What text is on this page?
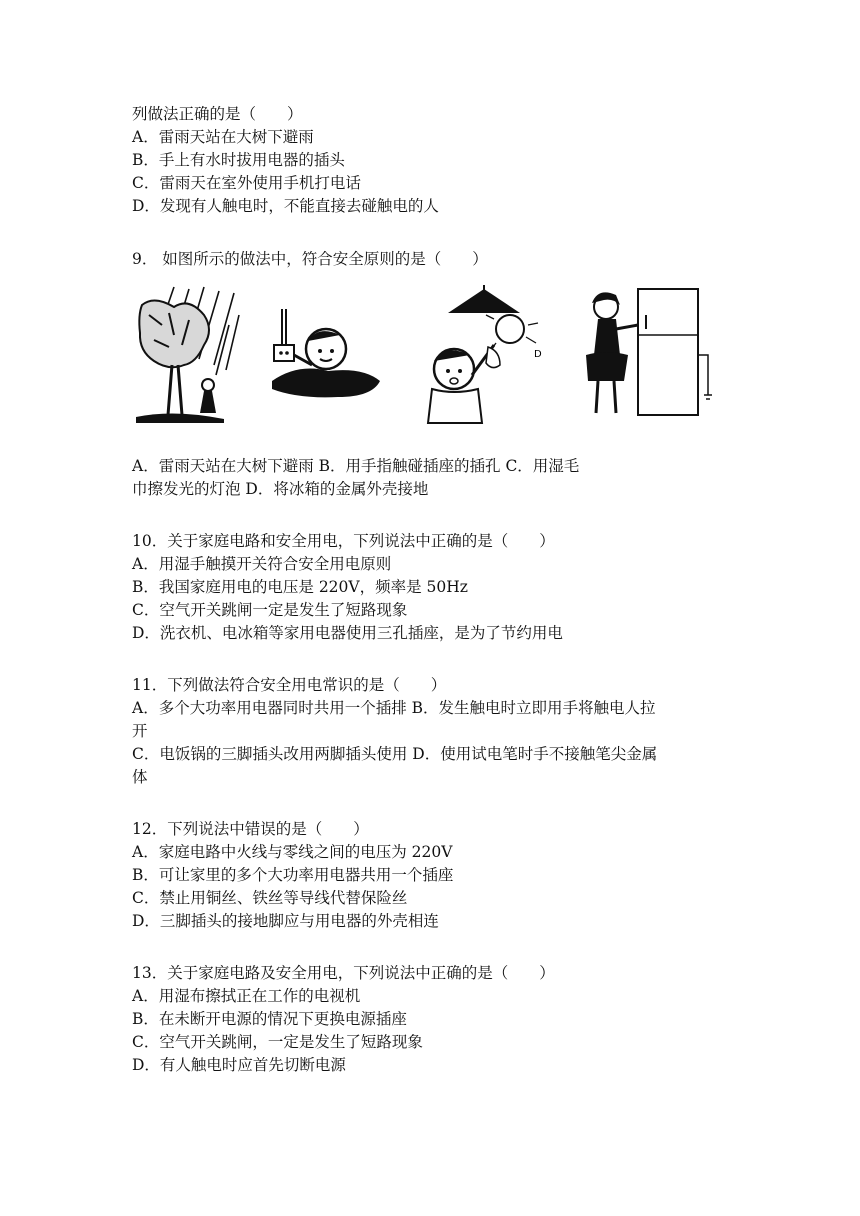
列做法正确的是（　　）
A．雷雨天站在大树下避雨
B．手上有水时拔用电器的插头
C．雷雨天在室外使用手机打电话
D．发现有人触电时，不能直接去碰触电的人
9． 如图所示的做法中，符合安全原则的是（　　）
D
A．雷雨天站在大树下避雨 B．用手指触碰插座的插孔 C．用湿毛
巾擦发光的灯泡 D．将冰箱的金属外壳接地
10．关于家庭电路和安全用电，下列说法中正确的是（　　）
A．用湿手触摸开关符合安全用电原则
B．我国家庭用电的电压是 220V，频率是 50Hz
C．空气开关跳闸一定是发生了短路现象
D．洗衣机、电冰箱等家用电器使用三孔插座，是为了节约用电
11．下列做法符合安全用电常识的是（　　）
A．多个大功率用电器同时共用一个插排 B．发生触电时立即用手将触电人拉
开
C．电饭锅的三脚插头改用两脚插头使用 D．使用试电笔时手不接触笔尖金属
体
12．下列说法中错误的是（　　）
A．家庭电路中火线与零线之间的电压为 220V
B．可让家里的多个大功率用电器共用一个插座
C．禁止用铜丝、铁丝等导线代替保险丝
D．三脚插头的接地脚应与用电器的外壳相连
13．关于家庭电路及安全用电，下列说法中正确的是（　　）
A．用湿布擦拭正在工作的电视机
B．在未断开电源的情况下更换电源插座
C．空气开关跳闸，一定是发生了短路现象
D．有人触电时应首先切断电源
